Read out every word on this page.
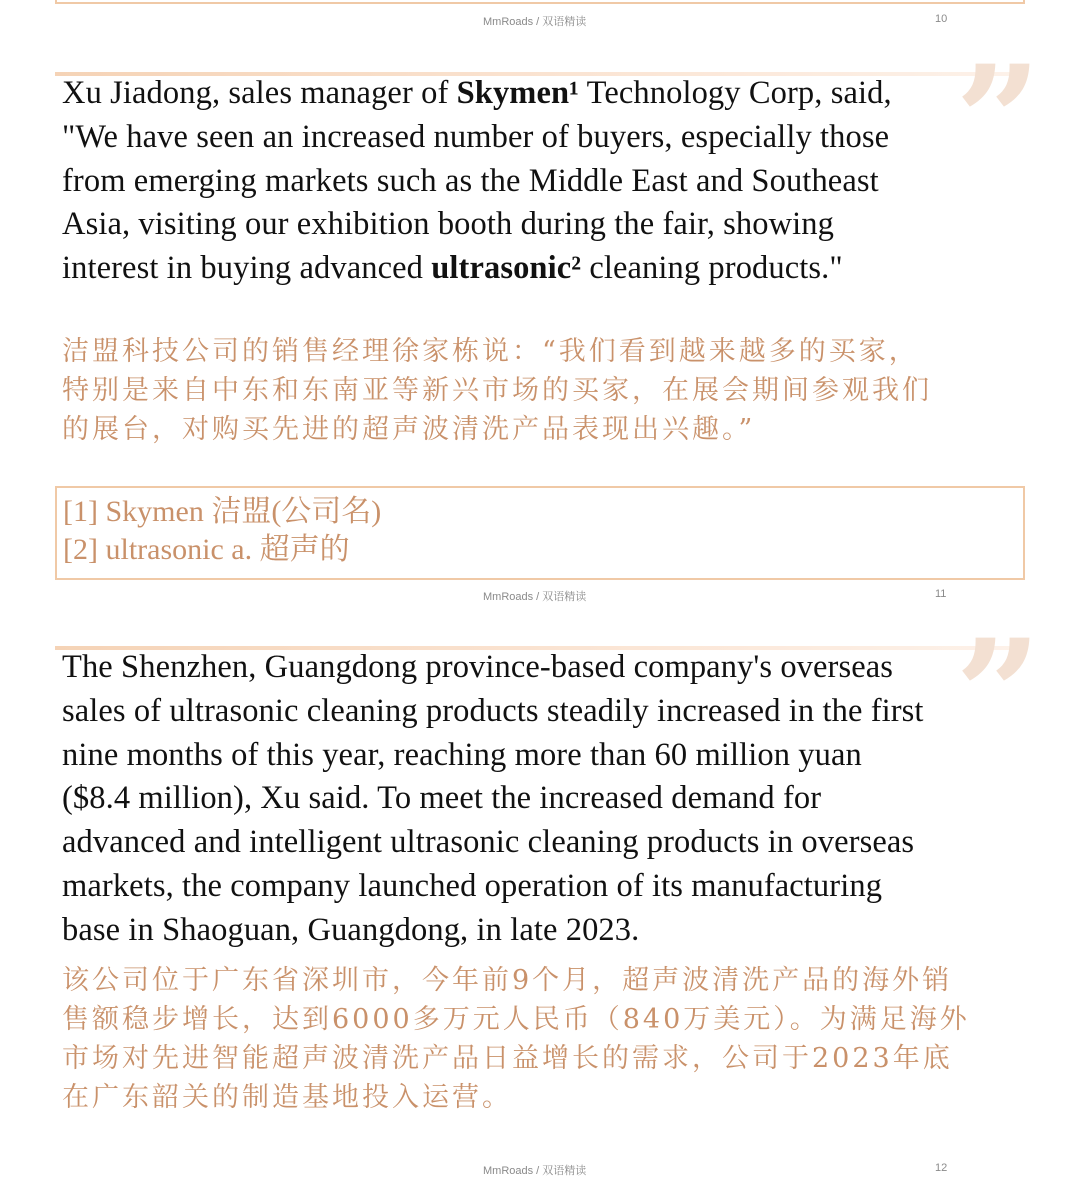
MmRoads / 双语精读	10
”
Xu Jiadong, sales manager of Skymen¹ Technology Corp, said,
"We have seen an increased number of buyers, especially those
from emerging markets such as the Middle East and Southeast
Asia, visiting our exhibition booth during the fair, showing
interest in buying advanced ultrasonic² cleaning products."
洁盟科技公司的销售经理徐家栋说：“我们看到越来越多的买家，
特别是来自中东和东南亚等新兴市场的买家，在展会期间参观我们
的展台，对购买先进的超声波清洗产品表现出兴趣。”
[1] Skymen 洁盟(公司名)
[2] ultrasonic a. 超声的
MmRoads / 双语精读	11
”
The Shenzhen, Guangdong province-based company's overseas
sales of ultrasonic cleaning products steadily increased in the first
nine months of this year, reaching more than 60 million yuan
($8.4 million), Xu said. To meet the increased demand for
advanced and intelligent ultrasonic cleaning products in overseas
markets, the company launched operation of its manufacturing
base in Shaoguan, Guangdong, in late 2023.
该公司位于广东省深圳市，今年前9个月，超声波清洗产品的海外销
售额稳步增长，达到6000多万元人民币（840万美元）。为满足海外
市场对先进智能超声波清洗产品日益增长的需求，公司于2023年底
在广东韶关的制造基地投入运营。
MmRoads / 双语精读	12
